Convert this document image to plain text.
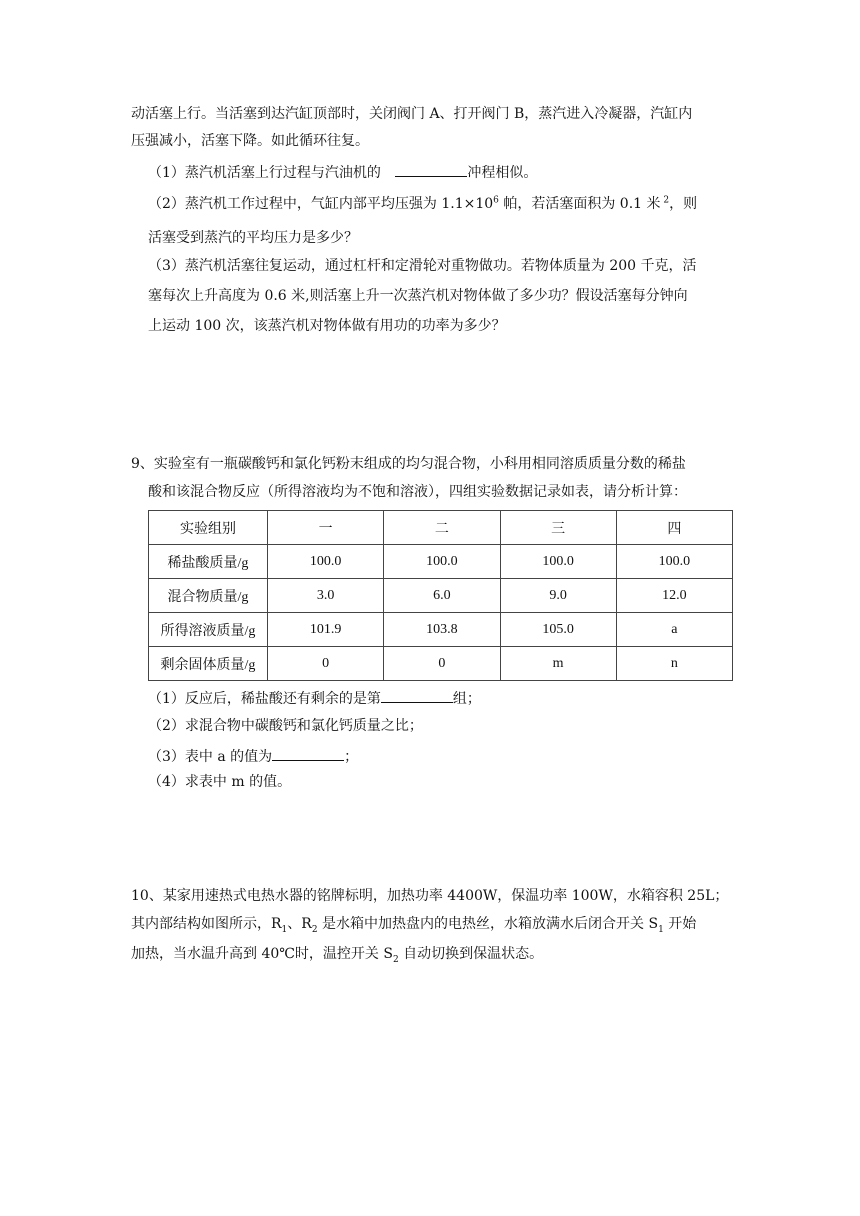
动活塞上行。当活塞到达汽缸顶部时，关闭阀门 A、打开阀门 B，蒸汽进入冷凝器，汽缸内
压强减小，活塞下降。如此循环往复。
（1）蒸汽机活塞上行过程与汽油机的	冲程相似。
（2）蒸汽机工作过程中，气缸内部平均压强为 $1.1\times 10^6$ 帕，若活塞面积为 0.1 米 $^2$，则
活塞受到蒸汽的平均压力是多少？
（3）蒸汽机活塞往复运动，通过杠杆和定滑轮对重物做功。若物体质量为 200 千克，活
塞每次上升高度为 0.6 米,则活塞上升一次蒸汽机对物体做了多少功？假设活塞每分钟向
上运动 100 次，该蒸汽机对物体做有用功的功率为多少？
9、实验室有一瓶碳酸钙和氯化钙粉末组成的均匀混合物，小科用相同溶质质量分数的稀盐
酸和该混合物反应（所得溶液均为不饱和溶液），四组实验数据记录如表，请分析计算：
实验组别	一	二	三	四
稀盐酸质量/g	100.0	100.0	100.0	100.0
混合物质量/g	3.0	6.0	9.0	12.0
所得溶液质量/g	101.9	103.8	105.0	a
剩余固体质量/g	0	0	m	n
（1）反应后，稀盐酸还有剩余的是第	组；
（2）求混合物中碳酸钙和氯化钙质量之比；
（3）表中 a 的值为	；
（4）求表中 m 的值。
10、某家用速热式电热水器的铭牌标明，加热功率 4400W，保温功率 100W，水箱容积 25L；
其内部结构如图所示，$R_1$、$R_2$ 是水箱中加热盘内的电热丝，水箱放满水后闭合开关 $S_1$ 开始
加热，当水温升高到 40℃时，温控开关 $S_2$ 自动切换到保温状态。
